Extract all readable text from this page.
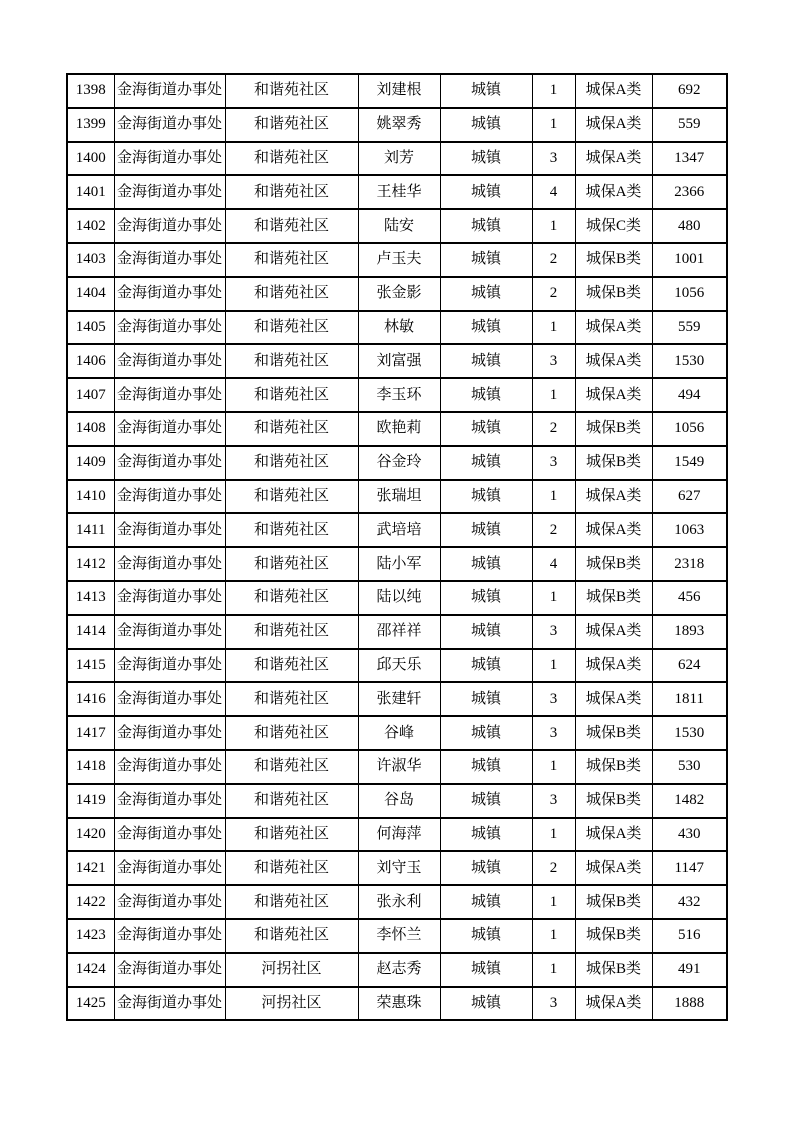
1398	金海街道办事处	和谐苑社区	刘建根	城镇	1	城保A类	692
1399	金海街道办事处	和谐苑社区	姚翠秀	城镇	1	城保A类	559
1400	金海街道办事处	和谐苑社区	刘芳	城镇	3	城保A类	1347
1401	金海街道办事处	和谐苑社区	王桂华	城镇	4	城保A类	2366
1402	金海街道办事处	和谐苑社区	陆安	城镇	1	城保C类	480
1403	金海街道办事处	和谐苑社区	卢玉夫	城镇	2	城保B类	1001
1404	金海街道办事处	和谐苑社区	张金影	城镇	2	城保B类	1056
1405	金海街道办事处	和谐苑社区	林敏	城镇	1	城保A类	559
1406	金海街道办事处	和谐苑社区	刘富强	城镇	3	城保A类	1530
1407	金海街道办事处	和谐苑社区	李玉环	城镇	1	城保A类	494
1408	金海街道办事处	和谐苑社区	欧艳莉	城镇	2	城保B类	1056
1409	金海街道办事处	和谐苑社区	谷金玲	城镇	3	城保B类	1549
1410	金海街道办事处	和谐苑社区	张瑞坦	城镇	1	城保A类	627
1411	金海街道办事处	和谐苑社区	武培培	城镇	2	城保A类	1063
1412	金海街道办事处	和谐苑社区	陆小军	城镇	4	城保B类	2318
1413	金海街道办事处	和谐苑社区	陆以纯	城镇	1	城保B类	456
1414	金海街道办事处	和谐苑社区	邵祥祥	城镇	3	城保A类	1893
1415	金海街道办事处	和谐苑社区	邱天乐	城镇	1	城保A类	624
1416	金海街道办事处	和谐苑社区	张建轩	城镇	3	城保A类	1811
1417	金海街道办事处	和谐苑社区	谷峰	城镇	3	城保B类	1530
1418	金海街道办事处	和谐苑社区	许淑华	城镇	1	城保B类	530
1419	金海街道办事处	和谐苑社区	谷岛	城镇	3	城保B类	1482
1420	金海街道办事处	和谐苑社区	何海萍	城镇	1	城保A类	430
1421	金海街道办事处	和谐苑社区	刘守玉	城镇	2	城保A类	1147
1422	金海街道办事处	和谐苑社区	张永利	城镇	1	城保B类	432
1423	金海街道办事处	和谐苑社区	李怀兰	城镇	1	城保B类	516
1424	金海街道办事处	河拐社区	赵志秀	城镇	1	城保B类	491
1425	金海街道办事处	河拐社区	荣惠珠	城镇	3	城保A类	1888
